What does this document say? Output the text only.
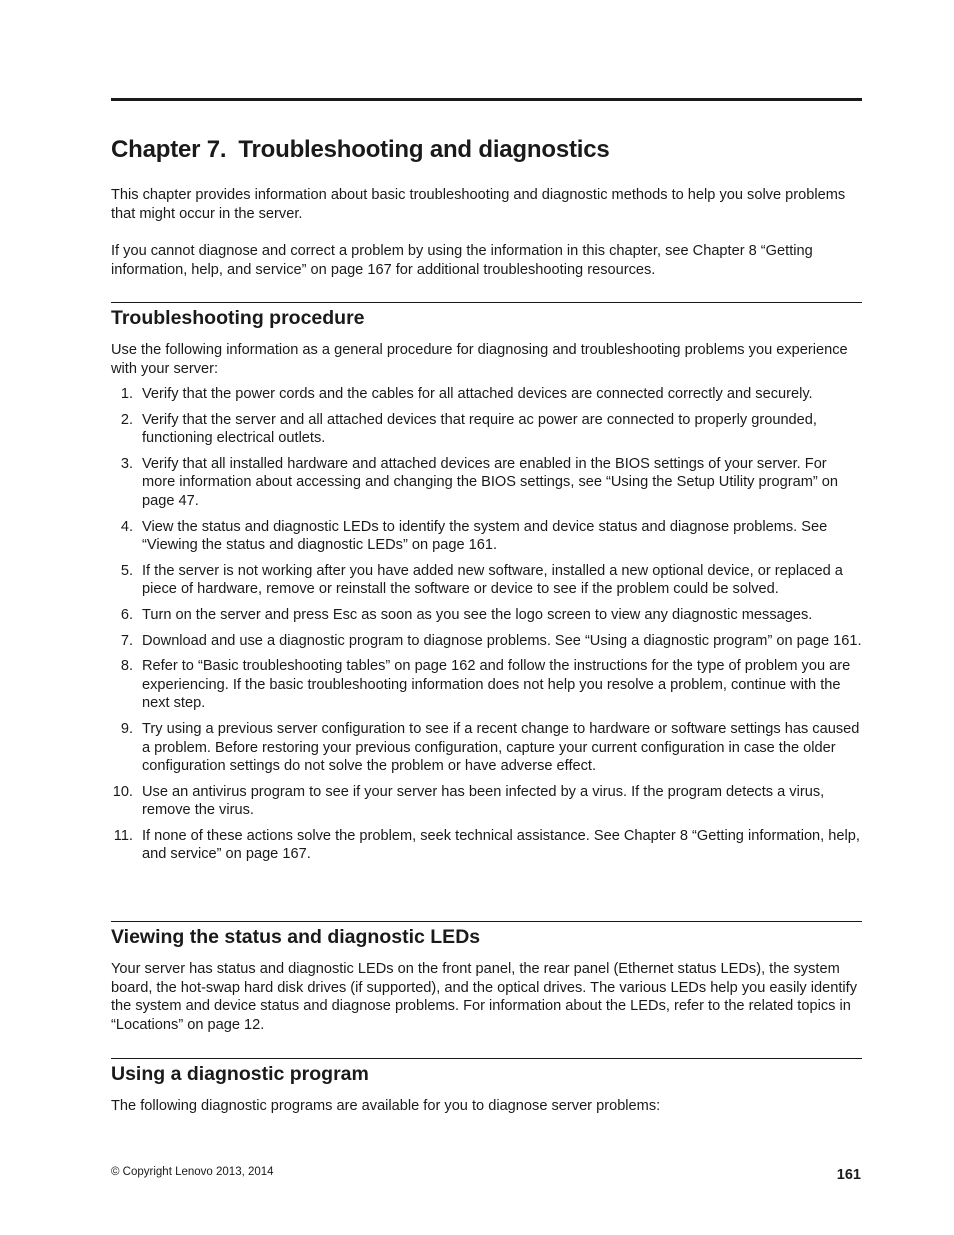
Chapter 7. Troubleshooting and diagnostics

This chapter provides information about basic troubleshooting and diagnostic methods to help you solve problems that might occur in the server.

If you cannot diagnose and correct a problem by using the information in this chapter, see Chapter 8 “Getting information, help, and service” on page 167 for additional troubleshooting resources.

Troubleshooting procedure

Use the following information as a general procedure for diagnosing and troubleshooting problems you experience with your server:

1. Verify that the power cords and the cables for all attached devices are connected correctly and securely.
2. Verify that the server and all attached devices that require ac power are connected to properly grounded, functioning electrical outlets.
3. Verify that all installed hardware and attached devices are enabled in the BIOS settings of your server. For more information about accessing and changing the BIOS settings, see “Using the Setup Utility program” on page 47.
4. View the status and diagnostic LEDs to identify the system and device status and diagnose problems. See “Viewing the status and diagnostic LEDs” on page 161.
5. If the server is not working after you have added new software, installed a new optional device, or replaced a piece of hardware, remove or reinstall the software or device to see if the problem could be solved.
6. Turn on the server and press Esc as soon as you see the logo screen to view any diagnostic messages.
7. Download and use a diagnostic program to diagnose problems. See “Using a diagnostic program” on page 161.
8. Refer to “Basic troubleshooting tables” on page 162 and follow the instructions for the type of problem you are experiencing. If the basic troubleshooting information does not help you resolve a problem, continue with the next step.
9. Try using a previous server configuration to see if a recent change to hardware or software settings has caused a problem. Before restoring your previous configuration, capture your current configuration in case the older configuration settings do not solve the problem or have adverse effect.
10. Use an antivirus program to see if your server has been infected by a virus. If the program detects a virus, remove the virus.
11. If none of these actions solve the problem, seek technical assistance. See Chapter 8 “Getting information, help, and service” on page 167.
Viewing the status and diagnostic LEDs

Your server has status and diagnostic LEDs on the front panel, the rear panel (Ethernet status LEDs), the system board, the hot-swap hard disk drives (if supported), and the optical drives. The various LEDs help you easily identify the system and device status and diagnose problems. For information about the LEDs, refer to the related topics in “Locations” on page 12.

Using a diagnostic program

The following diagnostic programs are available for you to diagnose server problems:

© Copyright Lenovo 2013, 2014	161
